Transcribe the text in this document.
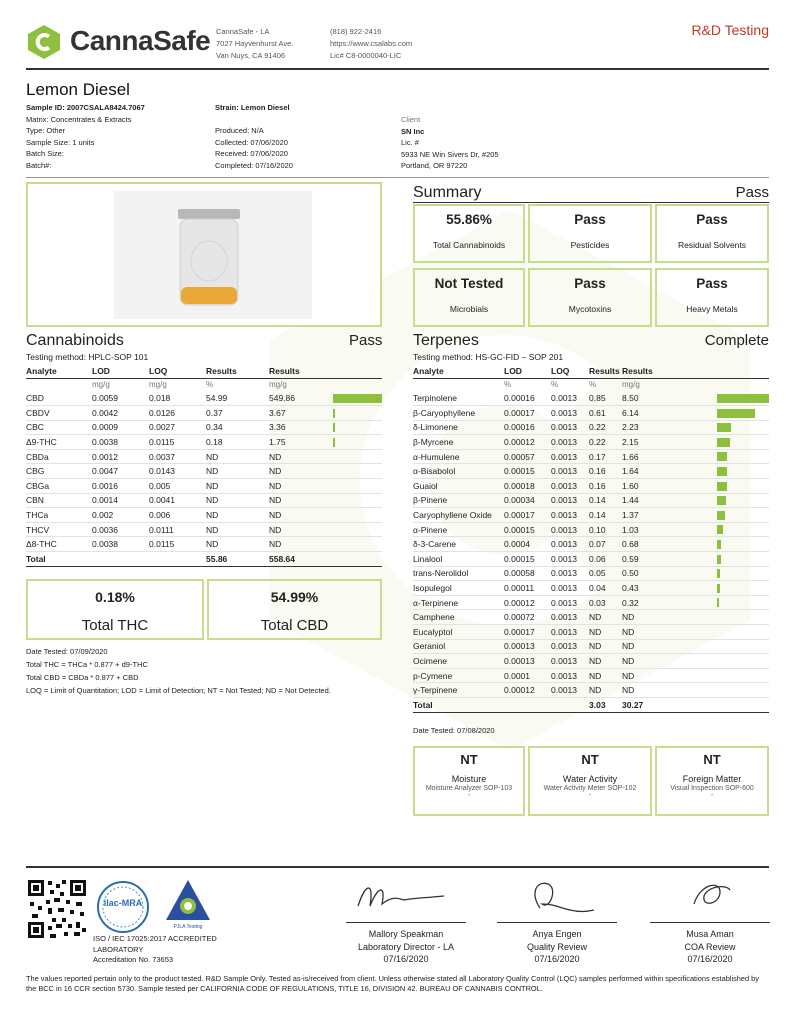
CannaSafe CannaSafe - LA
7027 Hayvenhurst Ave.
Van Nuys, CA 91406
(818) 922-2416
https://www.csalabs.com
Lic# C8-0000040-LIC
R&D Testing
Lemon Diesel
Sample ID: 2007CSALA8424.7067
Matrix: Concentrates & Extracts
Type: Other
Sample Size: 1 units
Batch Size:
Batch#:
Strain: Lemon Diesel

Produced: N/A
Collected: 07/06/2020
Received: 07/06/2020
Completed: 07/16/2020
Client
SN Inc
Lic. #
5933 NE Win Sivers Dr, #205
Portland, OR 97220
Summary	Pass
55.86%
Total Cannabinoids
Pass
Pesticides
Pass
Residual Solvents
Not Tested
Microbials
Pass
Mycotoxins
Pass
Heavy Metals
Cannabinoids	Pass
Testing method: HPLC-SOP 101
Analyte	LOD	LOQ	Results	Results
	mg/g	mg/g	%	mg/g
CBD	0.0059	0.018	54.99	549.86
CBDV	0.0042	0.0126	0.37	3.67
CBC	0.0009	0.0027	0.34	3.36
Δ9-THC	0.0038	0.0115	0.18	1.75
CBDa	0.0012	0.0037	ND	ND
CBG	0.0047	0.0143	ND	ND
CBGa	0.0016	0.005	ND	ND
CBN	0.0014	0.0041	ND	ND
THCa	0.002	0.006	ND	ND
THCV	0.0036	0.0111	ND	ND
Δ8-THC	0.0038	0.0115	ND	ND
Total			55.86	558.64
0.18%
Total THC
54.99%
Total CBD
Date Tested: 07/09/2020
Total THC = THCa * 0.877 + d9-THC
Total CBD = CBDa * 0.877 + CBD
LOQ = Limit of Quantitation; LOD = Limit of Detection; NT = Not Tested; ND = Not Detected.
Terpenes	Complete
Testing method: HS-GC-FID – SOP 201
Analyte	LOD	LOQ	Results	Results
	%	%	%	mg/g
Terpinolene	0.00016	0.0013	0.85	8.50
β-Caryophyllene	0.00017	0.0013	0.61	6.14
δ-Limonene	0.00016	0.0013	0.22	2.23
β-Myrcene	0.00012	0.0013	0.22	2.15
α-Humulene	0.00057	0.0013	0.17	1.66
α-Bisabolol	0.00015	0.0013	0.16	1.64
Guaiol	0.00018	0.0013	0.16	1.60
β-Pinene	0.00034	0.0013	0.14	1.44
Caryophyllene Oxide	0.00017	0.0013	0.14	1.37
α-Pinene	0.00015	0.0013	0.10	1.03
δ-3-Carene	0.0004	0.0013	0.07	0.68
Linalool	0.00015	0.0013	0.06	0.59
trans-Nerolidol	0.00058	0.0013	0.05	0.50
Isopulegol	0.00011	0.0013	0.04	0.43
α-Terpinene	0.00012	0.0013	0.03	0.32
Camphene	0.00072	0.0013	ND	ND
Eucalyptol	0.00017	0.0013	ND	ND
Geraniol	0.00013	0.0013	ND	ND
Ocimene	0.00013	0.0013	ND	ND
p-Cymene	0.0001	0.0013	ND	ND
γ-Terpinene	0.00012	0.0013	ND	ND
Total			3.03	30.27
Date Tested: 07/08/2020
NT
Moisture
Moisture Analyzer SOP-103
-
NT
Water Activity
Water Activity Meter SOP-102
-
NT
Foreign Matter
Visual Inspection SOP-600
-
ilac-MRA
PJLA Testing
ISO / IEC 17025:2017 ACCREDITED
LABORATORY
Accreditation No. 73653
Mallory Speakman
Laboratory Director - LA
07/16/2020
Anya Engen
Quality Review
07/16/2020
Musa Aman
COA Review
07/16/2020
The values reported pertain only to the product tested. R&D Sample Only. Tested as-is/received from client. Unless otherwise stated all Laboratory Quality Control (LQC) samples performed within specifications established by the BCC in 16 CCR section 5730. Sample tested per CALIFORNIA CODE OF REGULATIONS, TITLE 16, DIVISION 42. BUREAU OF CANNABIS CONTROL.
